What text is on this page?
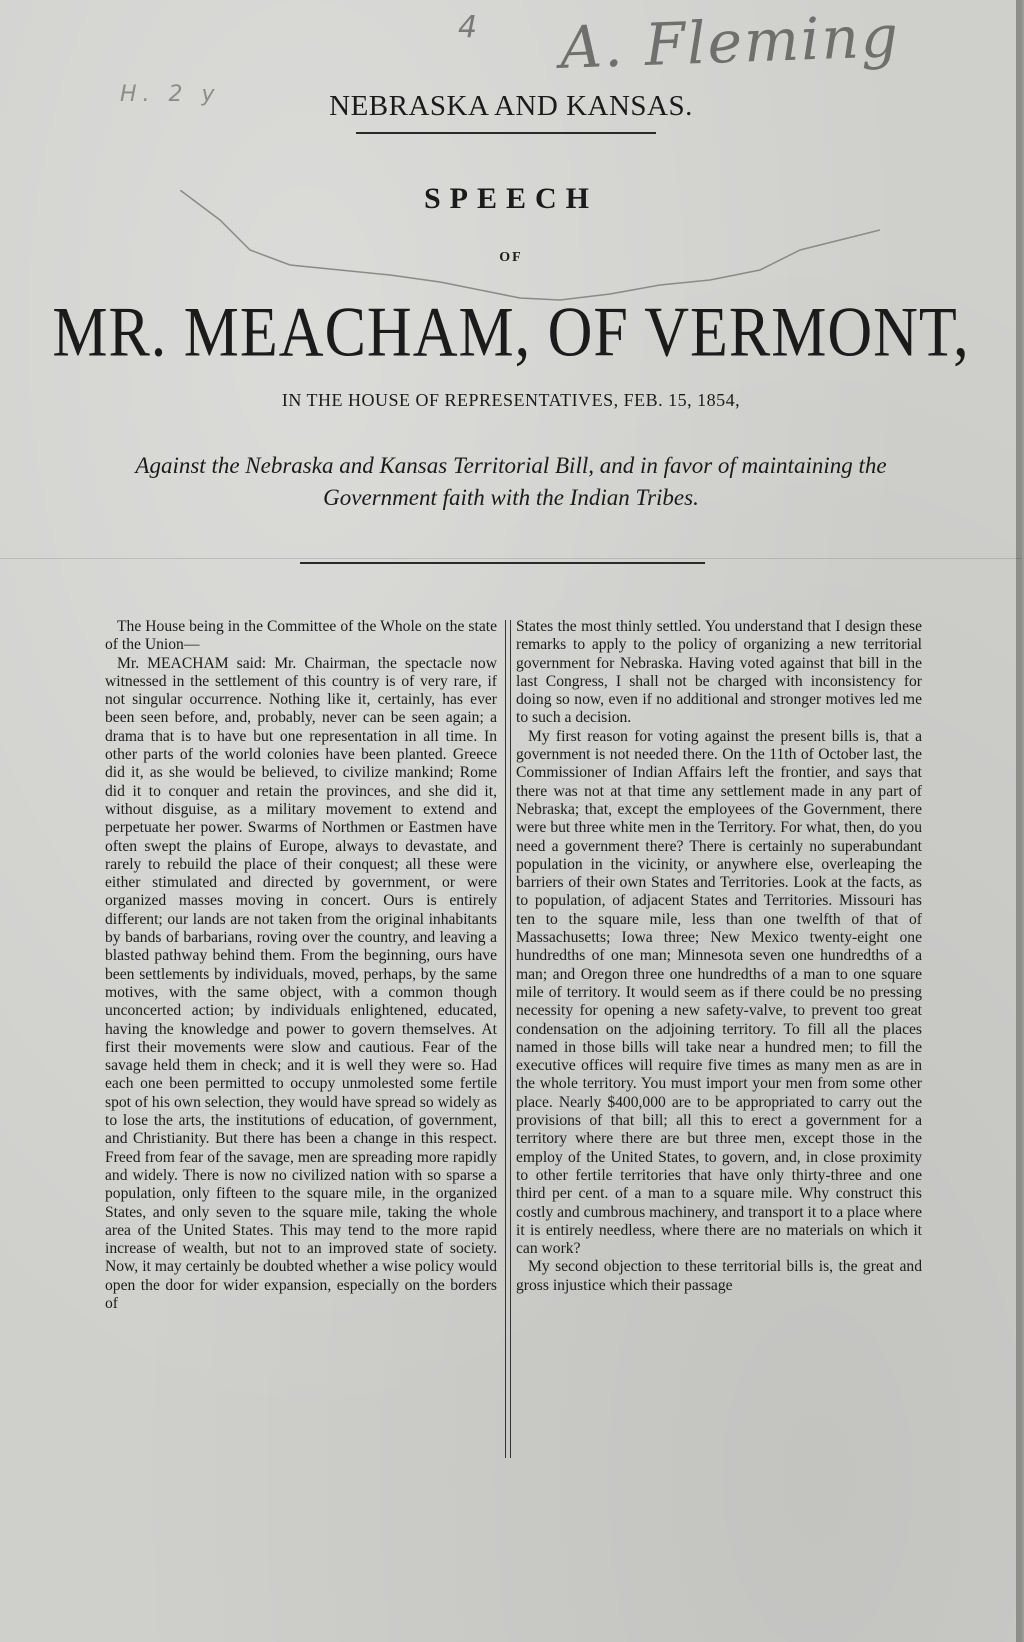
4 A. Fleming
H. 2 y	NEBRASKA AND KANSAS.
SPEECH
OF
MR. MEACHAM, OF VERMONT,
IN THE HOUSE OF REPRESENTATIVES, FEB. 15, 1854,
Against the Nebraska and Kansas Territorial Bill, and in favor of maintaining the Government faith with the Indian Tribes.

The House being in the Committee of the Whole on the state of the Union—

Mr. MEACHAM said: Mr. Chairman, the spectacle now witnessed in the settlement of this country is of very rare, if not singular occurrence. Nothing like it, certainly, has ever been seen before, and, probably, never can be seen again; a drama that is to have but one representation in all time. In other parts of the world colonies have been planted. Greece did it, as she would be believed, to civilize mankind; Rome did it to conquer and retain the provinces, and she did it, without disguise, as a military movement to extend and perpetuate her power. Swarms of Northmen or Eastmen have often swept the plains of Europe, always to devastate, and rarely to rebuild the place of their conquest; all these were either stimulated and directed by government, or were organized masses moving in concert. Ours is entirely different; our lands are not taken from the original inhabitants by bands of barbarians, roving over the country, and leaving a blasted pathway behind them. From the beginning, ours have been settlements by individuals, moved, perhaps, by the same motives, with the same object, with a common though unconcerted action; by individuals enlightened, educated, having the knowledge and power to govern themselves. At first their movements were slow and cautious. Fear of the savage held them in check; and it is well they were so. Had each one been permitted to occupy unmolested some fertile spot of his own selection, they would have spread so widely as to lose the arts, the institutions of education, of government, and Christianity. But there has been a change in this respect. Freed from fear of the savage, men are spreading more rapidly and widely. There is now no civilized nation with so sparse a population, only fifteen to the square mile, in the organized States, and only seven to the square mile, taking the whole area of the United States. This may tend to the more rapid increase of wealth, but not to an improved state of society. Now, it may certainly be doubted whether a wise policy would open the door for wider expansion, especially on the borders of

States the most thinly settled. You understand that I design these remarks to apply to the policy of organizing a new territorial government for Nebraska. Having voted against that bill in the last Congress, I shall not be charged with inconsistency for doing so now, even if no additional and stronger motives led me to such a decision.

My first reason for voting against the present bills is, that a government is not needed there. On the 11th of October last, the Commissioner of Indian Affairs left the frontier, and says that there was not at that time any settlement made in any part of Nebraska; that, except the employees of the Government, there were but three white men in the Territory. For what, then, do you need a government there? There is certainly no superabundant population in the vicinity, or anywhere else, overleaping the barriers of their own States and Territories. Look at the facts, as to population, of adjacent States and Territories. Missouri has ten to the square mile, less than one twelfth of that of Massachusetts; Iowa three; New Mexico twenty-eight one hundredths of one man; Minnesota seven one hundredths of a man; and Oregon three one hundredths of a man to one square mile of territory. It would seem as if there could be no pressing necessity for opening a new safety-valve, to prevent too great condensation on the adjoining territory. To fill all the places named in those bills will take near a hundred men; to fill the executive offices will require five times as many men as are in the whole territory. You must import your men from some other place. Nearly $400,000 are to be appropriated to carry out the provisions of that bill; all this to erect a government for a territory where there are but three men, except those in the employ of the United States, to govern, and, in close proximity to other fertile territories that have only thirty-three and one third per cent. of a man to a square mile. Why construct this costly and cumbrous machinery, and transport it to a place where it is entirely needless, where there are no materials on which it can work?

My second objection to these territorial bills is, the great and gross injustice which their passage
